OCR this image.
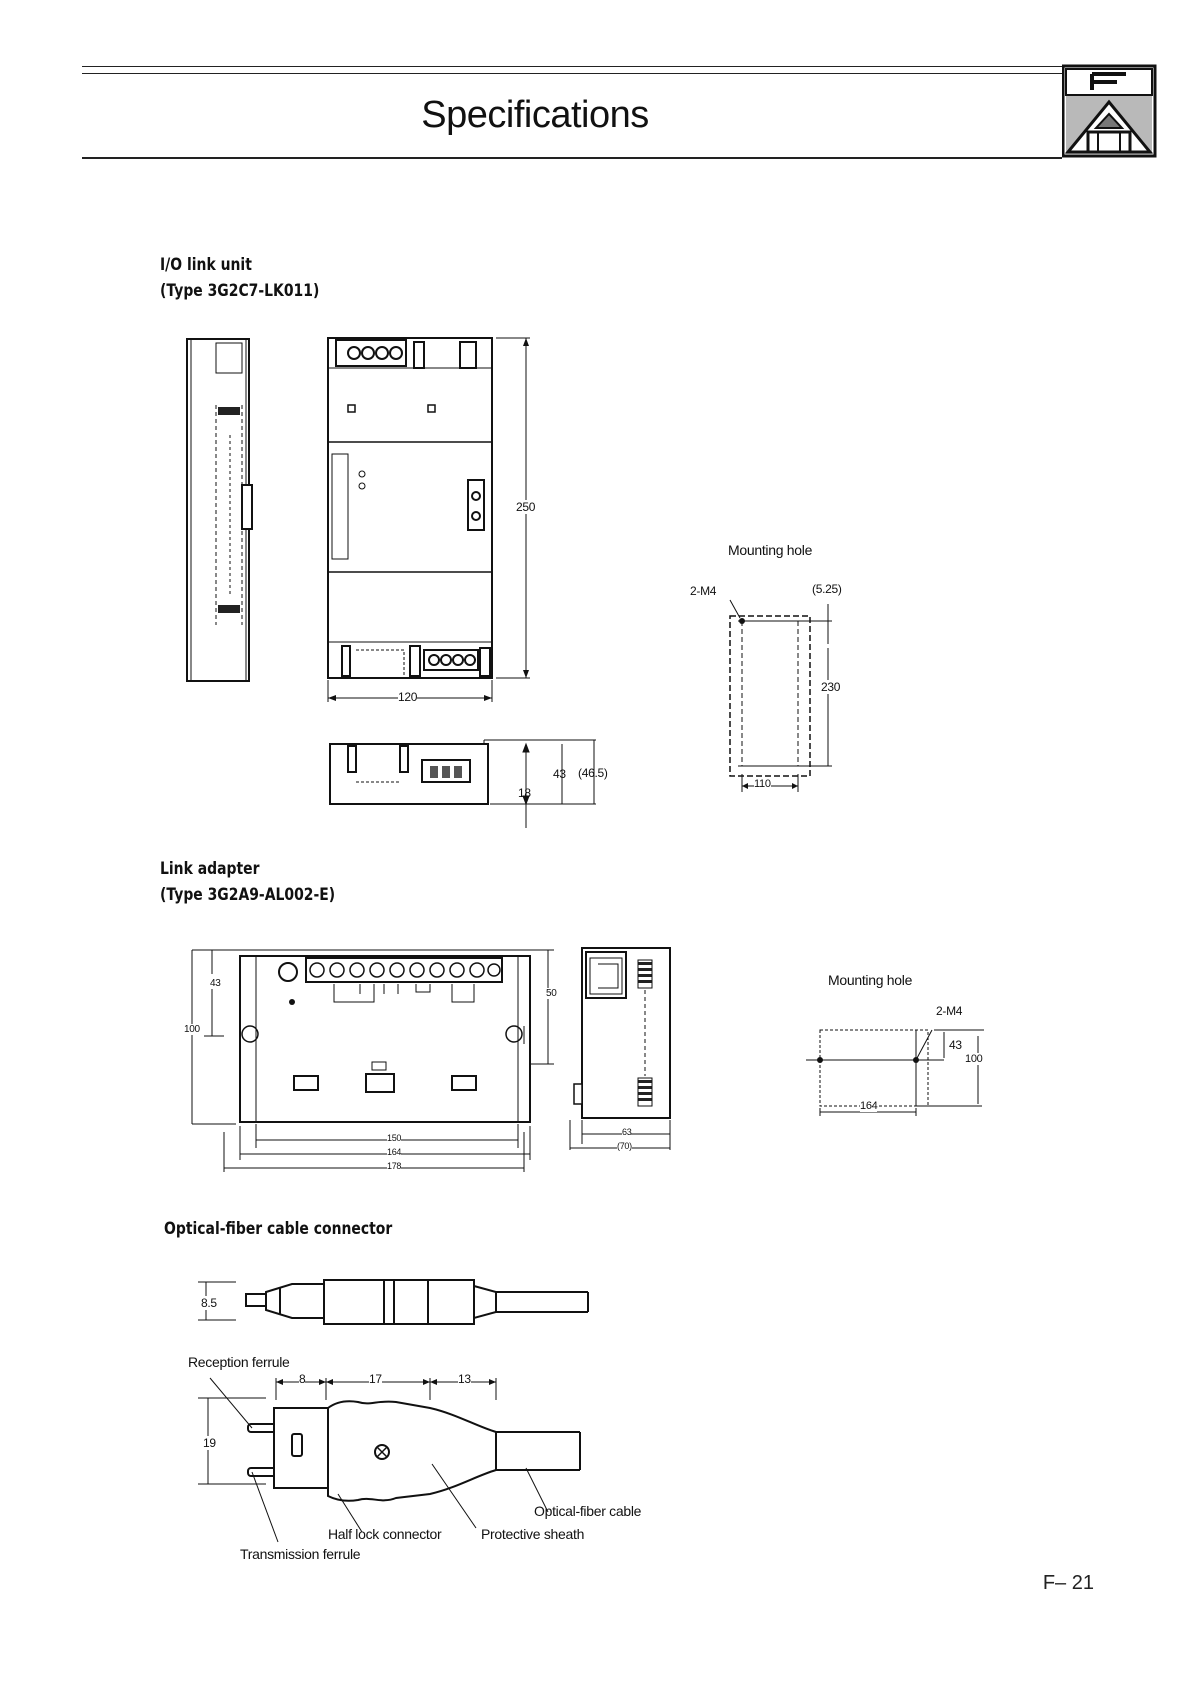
Specifications
I/O link unit
(Type 3G2C7-LK011)
250
120
43 (46.5)
18
Mounting hole
2-M4	(5.25)
230
110
Link adapter
(Type 3G2A9-AL002-E)
43
100
50
150
164
178
63
(70)
Mounting hole
2-M4
43
100
164
Optical-fiber cable connector
8.5
Reception ferrule
8	17	13
19
Optical-fiber cable
Half lock connector	Protective sheath
Transmission ferrule
F– 21
